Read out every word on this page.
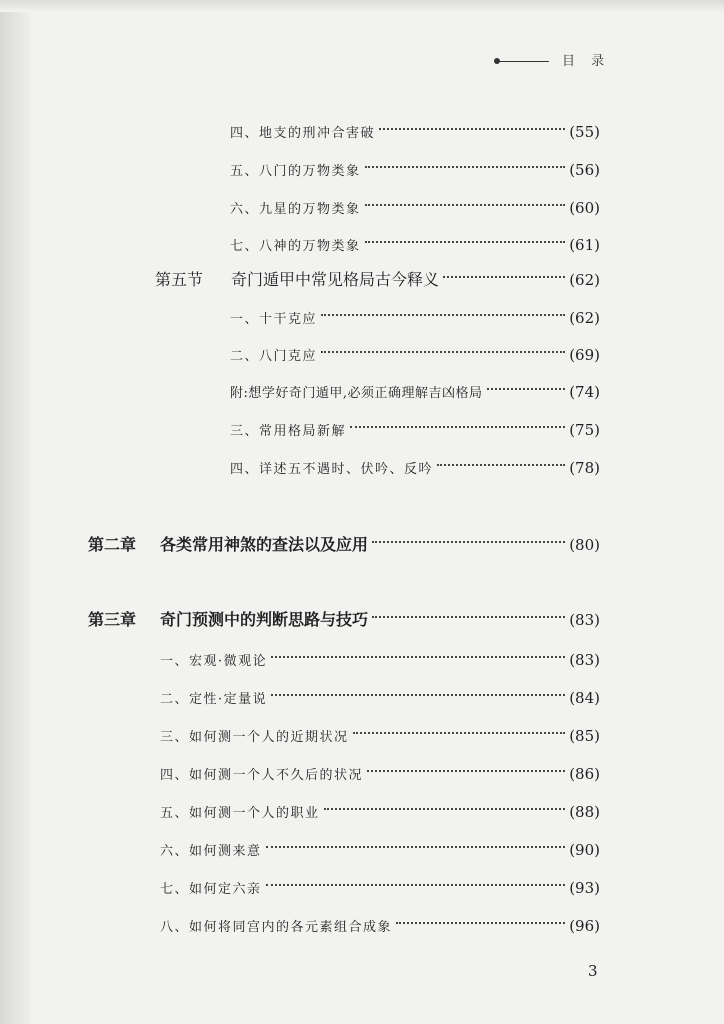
目 录
四、地支的刑冲合害破	(55)
五、八门的万物类象	(56)
六、九星的万物类象	(60)
七、八神的万物类象	(61)
第五节 奇门遁甲中常见格局古今释义	(62)
一、十干克应	(62)
二、八门克应	(69)
附:想学好奇门遁甲,必须正确理解吉凶格局	(74)
三、常用格局新解	(75)
四、详述五不遇时、伏吟、反吟	(78)
第二章 各类常用神煞的查法以及应用	(80)
第三章 奇门预测中的判断思路与技巧	(83)
一、宏观·微观论	(83)
二、定性·定量说	(84)
三、如何测一个人的近期状况	(85)
四、如何测一个人不久后的状况	(86)
五、如何测一个人的职业	(88)
六、如何测来意	(90)
七、如何定六亲	(93)
八、如何将同宫内的各元素组合成象	(96)
3
